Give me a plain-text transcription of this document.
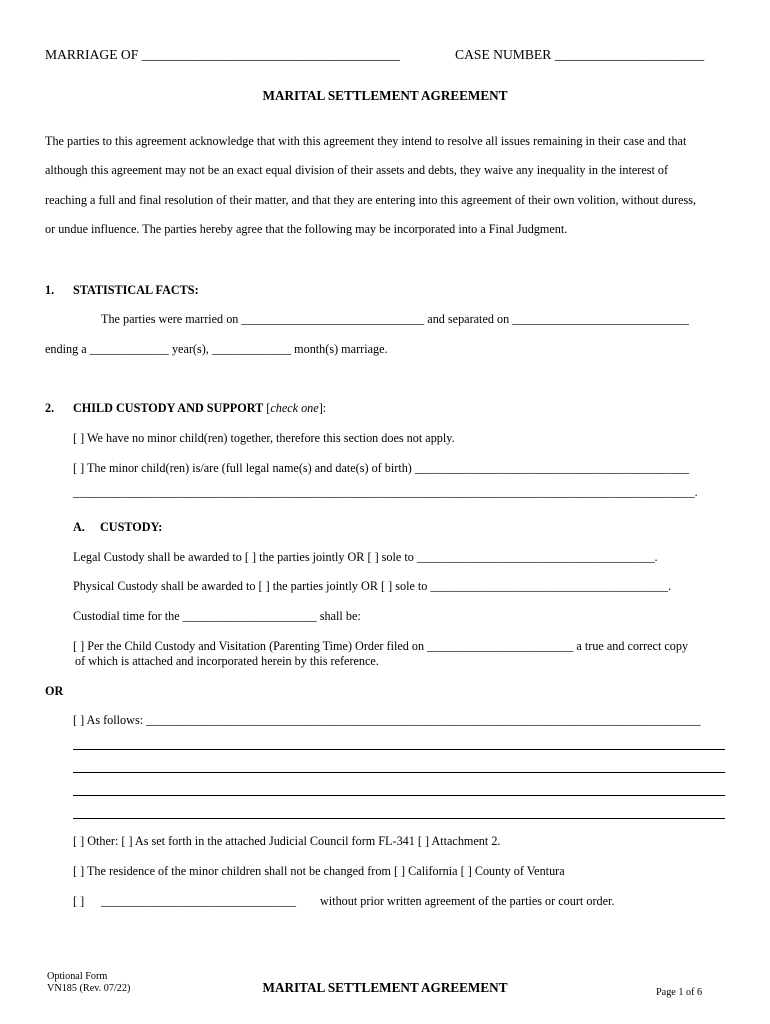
MARRIAGE OF ______________________________________	CASE NUMBER ______________________
MARITAL SETTLEMENT AGREEMENT
The parties to this agreement acknowledge that with this agreement they intend to resolve all issues remaining in their case and that
although this agreement may not be an exact equal division of their assets and debts, they waive any inequality in the interest of
reaching a full and final resolution of their matter, and that they are entering into this agreement of their own volition, without duress,
or undue influence. The parties hereby agree that the following may be incorporated into a Final Judgment.
1. STATISTICAL FACTS:
The parties were married on ______________________________ and separated on _____________________________
ending a _____________ year(s), _____________ month(s) marriage.
2. CHILD CUSTODY AND SUPPORT [check one]:
[ ] We have no minor child(ren) together, therefore this section does not apply.
[ ] The minor child(ren) is/are (full legal name(s) and date(s) of birth) _____________________________________________
______________________________________________________________________________________________________.
A. CUSTODY:
Legal Custody shall be awarded to [ ] the parties jointly OR [ ] sole to _______________________________________.
Physical Custody shall be awarded to [ ] the parties jointly OR [ ] sole to _______________________________________.
Custodial time for the ______________________ shall be:
[ ] Per the Child Custody and Visitation (Parenting Time) Order filed on ________________________ a true and correct copy
of which is attached and incorporated herein by this reference.
OR
[ ] As follows: ___________________________________________________________________________________________
[ ] Other: [ ] As set forth in the attached Judicial Council form FL-341 [ ] Attachment 2.
[ ] The residence of the minor children shall not be changed from [ ] California [ ] County of Ventura
[ ] ________________________________ without prior written agreement of the parties or court order.
Optional Form
VN185 (Rev. 07/22)	MARITAL SETTLEMENT AGREEMENT	Page 1 of 6
